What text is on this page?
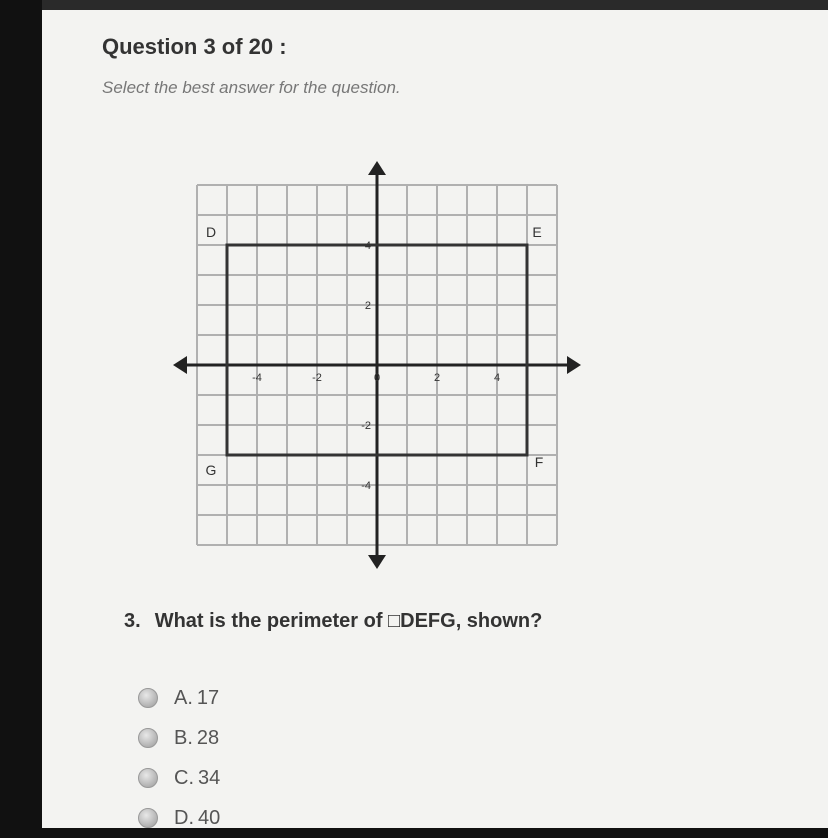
Question 3 of 20 :

Select the best answer for the question.

-4	-2	0	2	4
4
2
-2
-4
D	E
F
G

3. What is the perimeter of □DEFG, shown?

A. 17
B. 28
C. 34
D. 40
